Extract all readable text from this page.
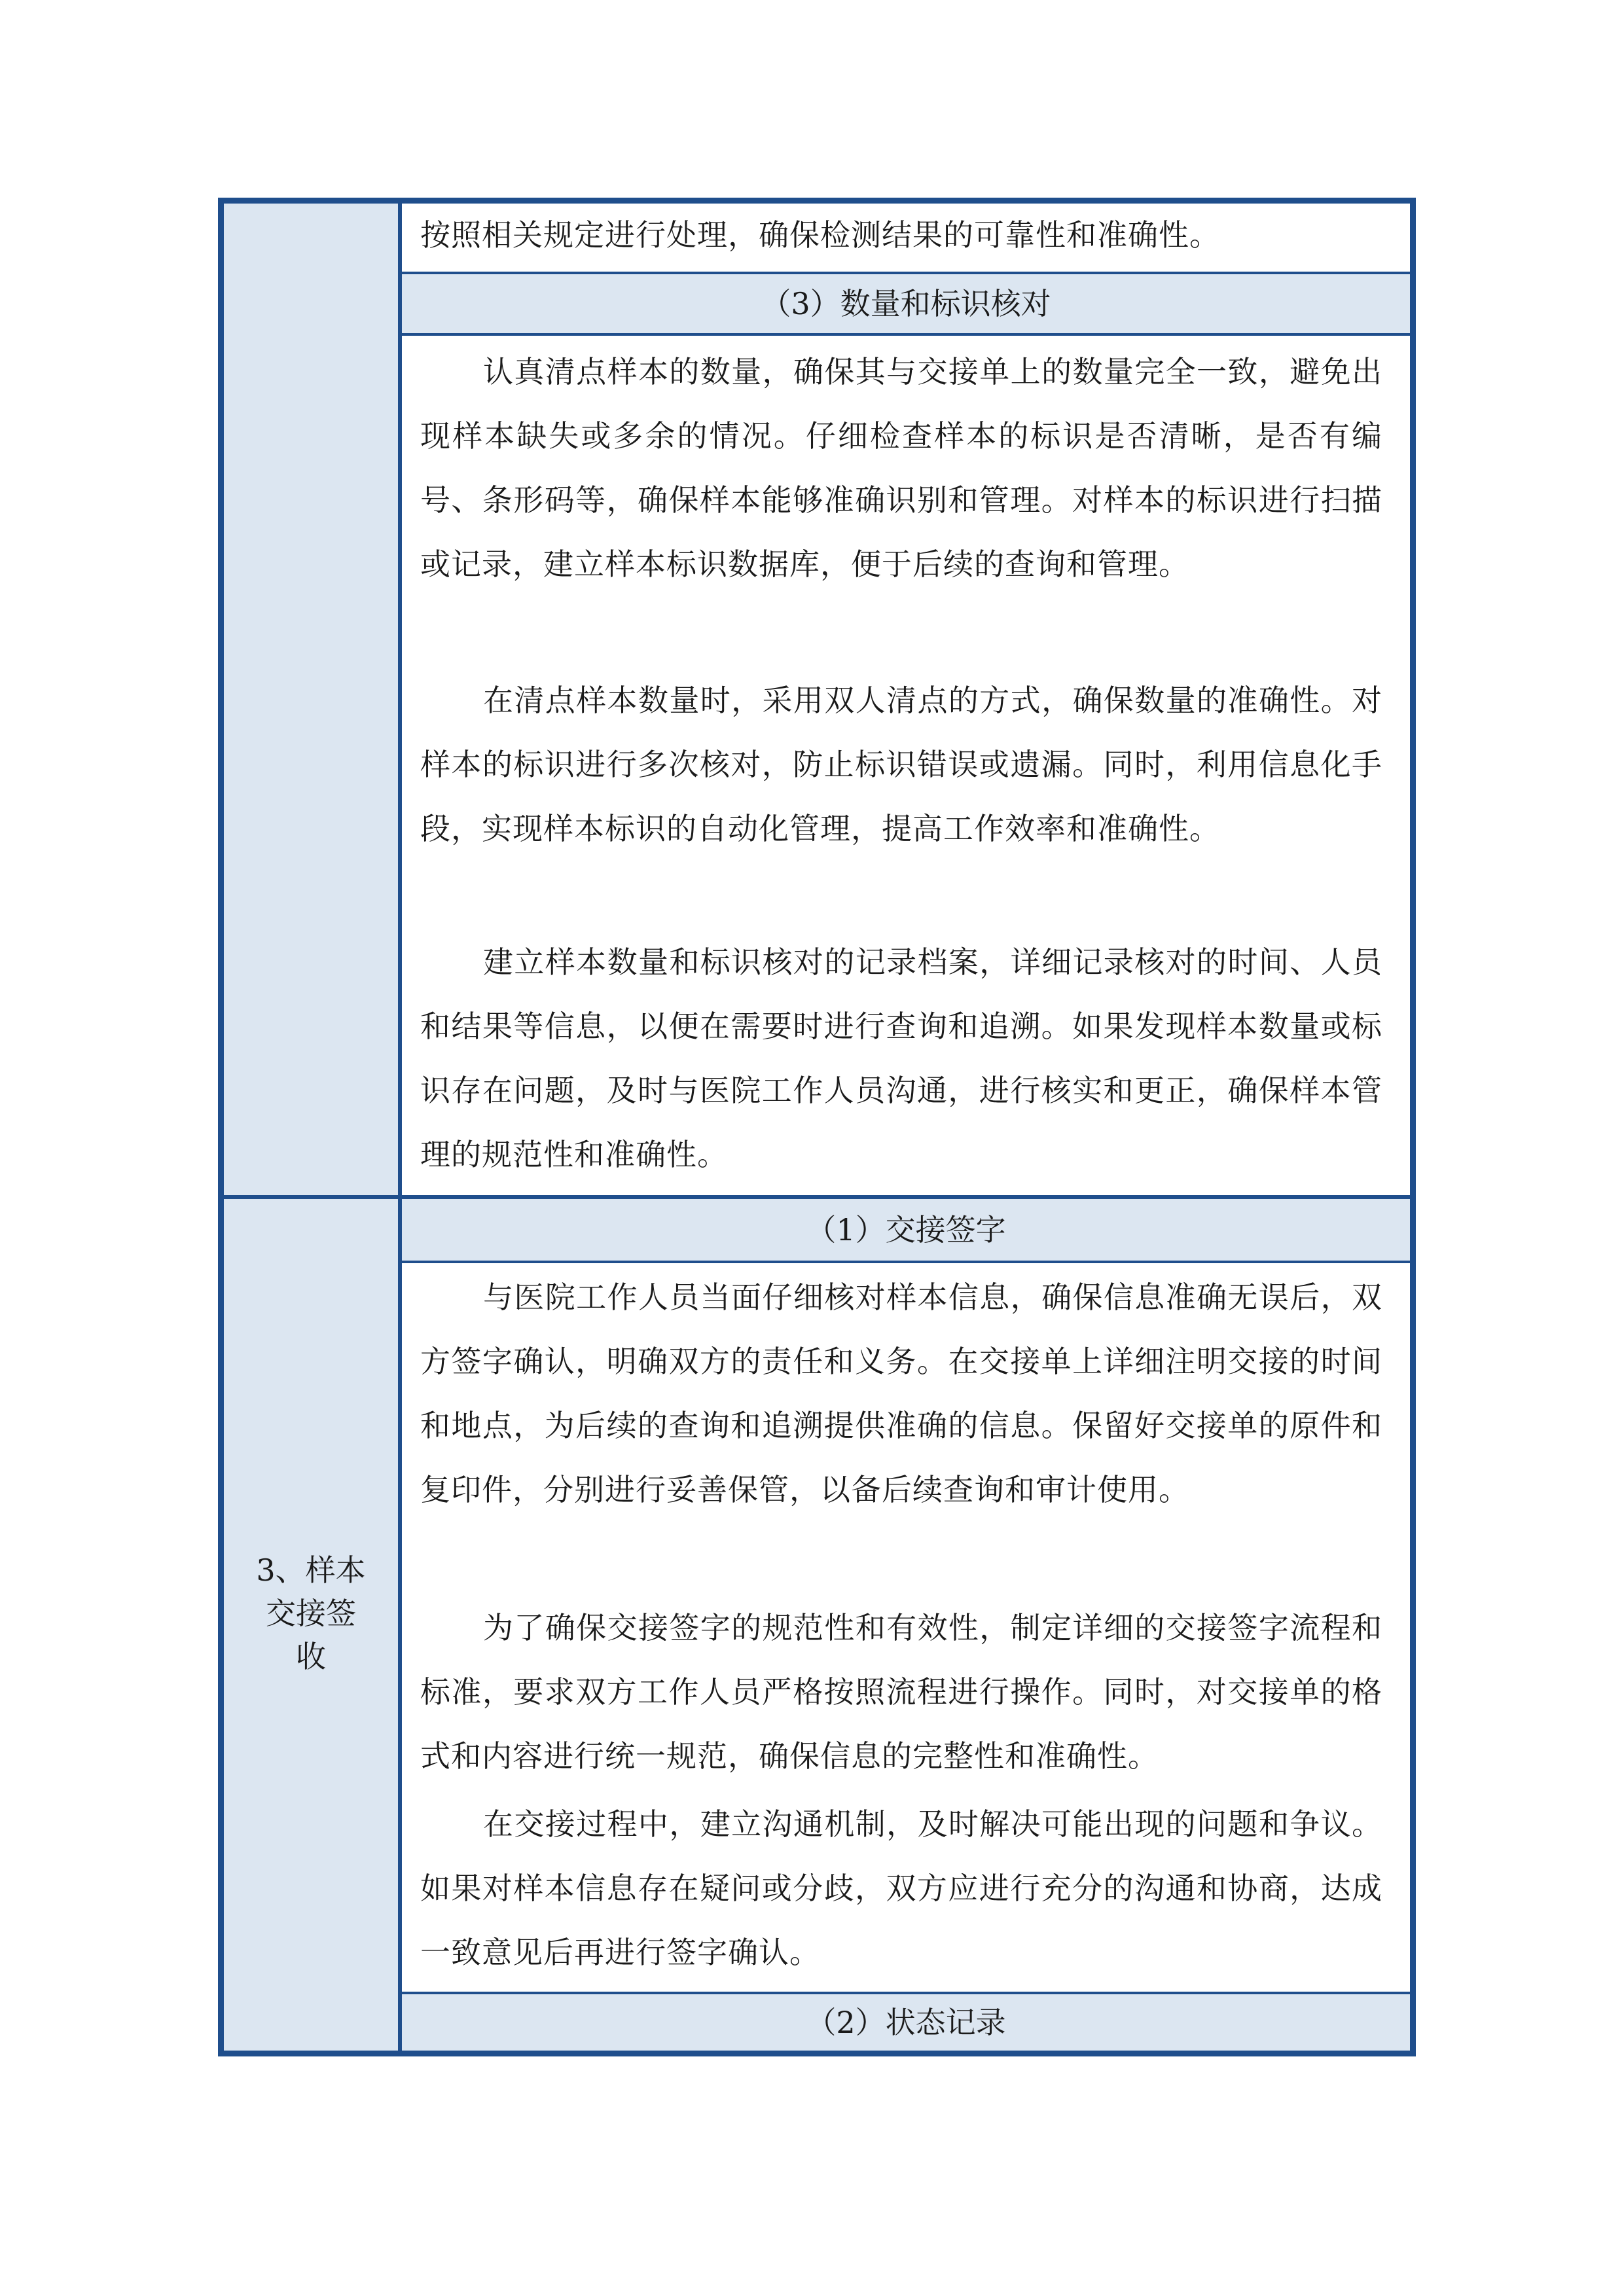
按照相关规定进行处理，确保检测结果的可靠性和准确性。

（3）数量和标识核对

认真清点样本的数量，确保其与交接单上的数量完全一致，避免出现样本缺失或多余的情况。仔细检查样本的标识是否清晰，是否有编号、条形码等，确保样本能够准确识别和管理。对样本的标识进行扫描或记录，建立样本标识数据库，便于后续的查询和管理。

在清点样本数量时，采用双人清点的方式，确保数量的准确性。对样本的标识进行多次核对，防止标识错误或遗漏。同时，利用信息化手段，实现样本标识的自动化管理，提高工作效率和准确性。

建立样本数量和标识核对的记录档案，详细记录核对的时间、人员和结果等信息，以便在需要时进行查询和追溯。如果发现样本数量或标识存在问题，及时与医院工作人员沟通，进行核实和更正，确保样本管理的规范性和准确性。

3、样本
交接签
收
（1）交接签字

与医院工作人员当面仔细核对样本信息，确保信息准确无误后，双方签字确认，明确双方的责任和义务。在交接单上详细注明交接的时间和地点，为后续的查询和追溯提供准确的信息。保留好交接单的原件和复印件，分别进行妥善保管，以备后续查询和审计使用。

为了确保交接签字的规范性和有效性，制定详细的交接签字流程和标准，要求双方工作人员严格按照流程进行操作。同时，对交接单的格式和内容进行统一规范，确保信息的完整性和准确性。

在交接过程中，建立沟通机制，及时解决可能出现的问题和争议。如果对样本信息存在疑问或分歧，双方应进行充分的沟通和协商，达成一致意见后再进行签字确认。

（2）状态记录
